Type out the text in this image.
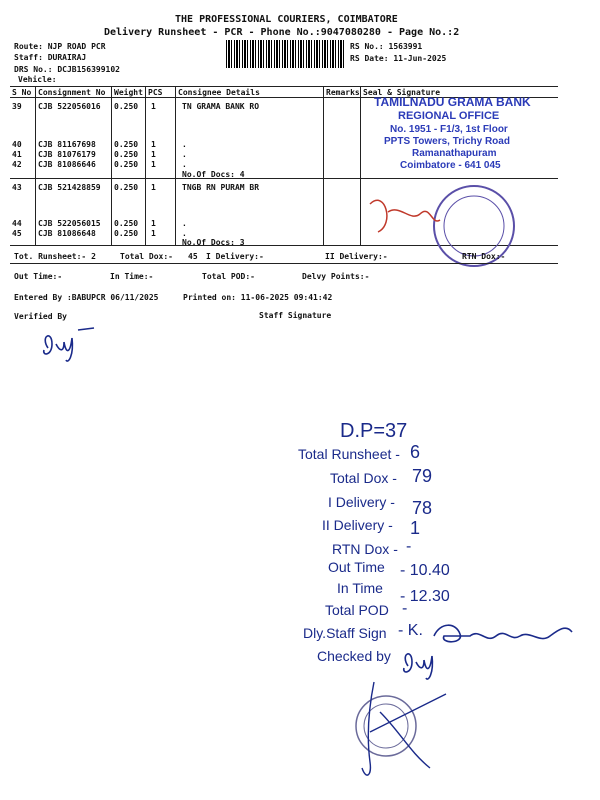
THE PROFESSIONAL COURIERS, COIMBATORE
Delivery Runsheet - PCR - Phone No.:9047080280 - Page No.:2
Route: NJP ROAD PCR
Staff: DURAIRAJ
DRS No.: DCJB156399102
Vehicle:
RS No.: 1563991
RS Date: 11-Jun-2025
S No Consignment No Weight PCS Consignee Details	Remarks Seal & Signature
39 CJB 522056016 0.250 1	TN GRAMA BANK RO
40 CJB 81167698 0.250 1	.
41 CJB 81076179 0.250 1	.
42 CJB 81086646 0.250 1	.
No.Of Docs: 4
43 CJB 521428859 0.250 1	TNGB RN PURAM BR
44 CJB 522056015 0.250 1	.
45 CJB 81086648 0.250 1	.
No.Of Docs: 3
TAMILNADU GRAMA BANK
REGIONAL OFFICE
No. 1951 - F1/3, 1st Floor
PPTS Towers, Trichy Road
Ramanathapuram
Coimbatore - 641 045
Tot. Runsheet:- 2	Total Dox:- 45 I Delivery:-	II Delivery:-	RTN Dox:-
Out Time:-	In Time:-	Total POD:-	Delvy Points:-
Entered By :BABUPCR 06/11/2025	Printed on: 11-06-2025 09:41:42
Verified By	Staff Signature
D.P=37
Total Runsheet - 6
Total Dox - 79
I Delivery - 78
II Delivery - 1
RTN Dox - -
Out Time - 10.40
In Time - 12.30
Total POD -
Dly.Staff Sign - K.
Checked by
